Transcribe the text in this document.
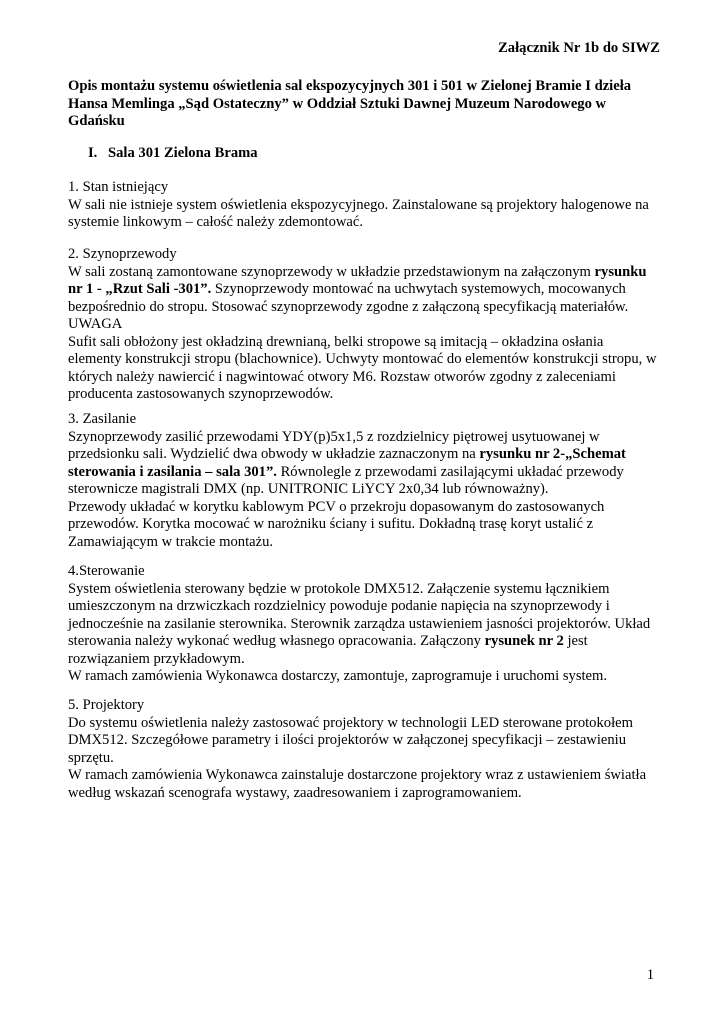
Załącznik Nr 1b do SIWZ
Opis montażu systemu oświetlenia sal ekspozycyjnych 301 i 501 w Zielonej Bramie I dzieła Hansa Memlinga „Sąd Ostateczny” w Oddział Sztuki Dawnej Muzeum Narodowego w Gdańsku
I. Sala 301 Zielona Brama

1. Stan istniejący

W sali nie istnieje system oświetlenia ekspozycyjnego. Zainstalowane są projektory halogenowe na systemie linkowym – całość należy zdemontować.

2. Szynoprzewody

W sali zostaną zamontowane szynoprzewody w układzie przedstawionym na załączonym rysunku nr 1 - „Rzut Sali -301”. Szynoprzewody montować na uchwytach systemowych, mocowanych bezpośrednio do stropu. Stosować szynoprzewody zgodne z załączoną specyfikacją materiałów.

UWAGA

Sufit sali obłożony jest okładziną drewnianą, belki stropowe są imitacją – okładzina osłania elementy konstrukcji stropu (blachownice). Uchwyty montować do elementów konstrukcji stropu, w których należy nawiercić i nagwintować otwory M6. Rozstaw otworów zgodny z zaleceniami producenta zastosowanych szynoprzewodów.

3. Zasilanie

Szynoprzewody zasilić przewodami YDY(p)5x1,5 z rozdzielnicy piętrowej usytuowanej w przedsionku sali. Wydzielić dwa obwody w układzie zaznaczonym na rysunku nr 2-„Schemat sterowania i zasilania – sala 301”. Równolegle z przewodami zasilającymi układać przewody sterownicze magistrali DMX (np. UNITRONIC LiYCY 2x0,34 lub równoważny).

Przewody układać w korytku kablowym PCV o przekroju dopasowanym do zastosowanych przewodów. Korytka mocować w narożniku ściany i sufitu. Dokładną trasę koryt ustalić z Zamawiającym w trakcie montażu.

4.Sterowanie

System oświetlenia sterowany będzie w protokole DMX512. Załączenie systemu łącznikiem umieszczonym na drzwiczkach rozdzielnicy powoduje podanie napięcia na szynoprzewody i jednocześnie na zasilanie sterownika. Sterownik zarządza ustawieniem jasności projektorów. Układ sterowania należy wykonać według własnego opracowania. Załączony rysunek nr 2 jest rozwiązaniem przykładowym.

W ramach zamówienia Wykonawca dostarczy, zamontuje, zaprogramuje i uruchomi system.

5. Projektory

Do systemu oświetlenia należy zastosować projektory w technologii LED sterowane protokołem DMX512. Szczegółowe parametry i ilości projektorów w załączonej specyfikacji – zestawieniu sprzętu.

W ramach zamówienia Wykonawca zainstaluje dostarczone projektory wraz z ustawieniem światła według wskazań scenografa wystawy, zaadresowaniem i zaprogramowaniem.

1
